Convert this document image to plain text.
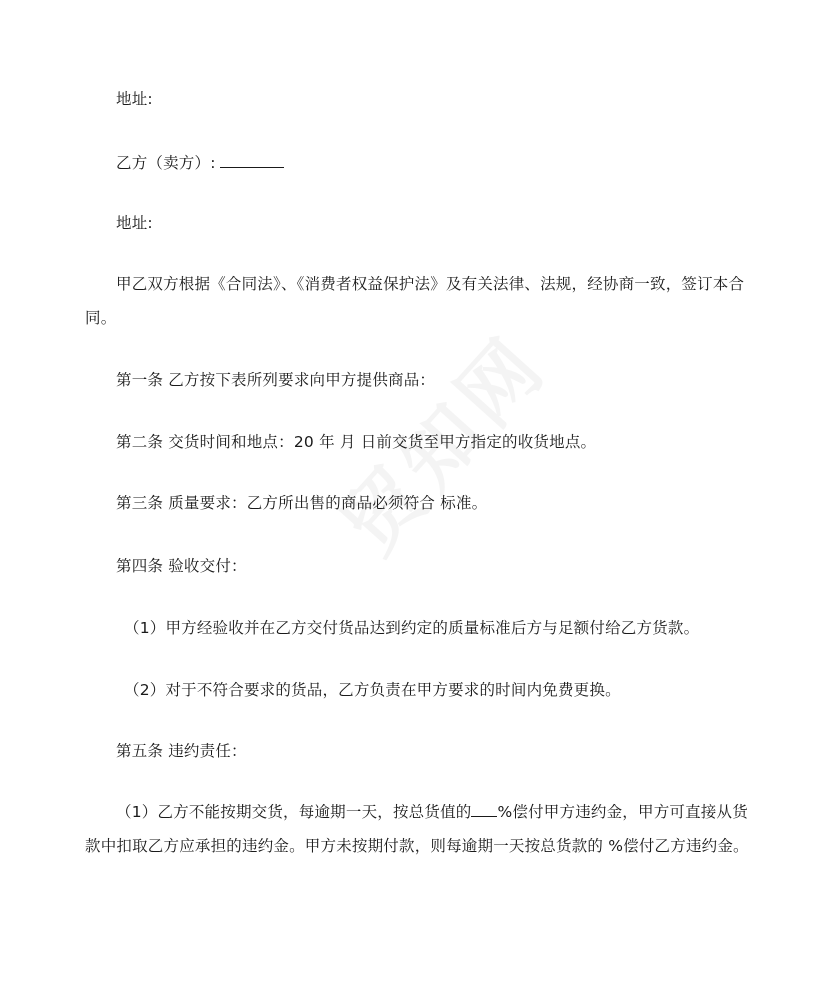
地址:
乙方（卖方）:
地址:
甲乙双方根据《合同法》、《消费者权益保护法》及有关法律、法规，经协商一致，签订本合同。
第一条 乙方按下表所列要求向甲方提供商品：
第二条 交货时间和地点：20 年 月 日前交货至甲方指定的收货地点。
第三条 质量要求：乙方所出售的商品必须符合 标准。
第四条 验收交付：
（1）甲方经验收并在乙方交付货品达到约定的质量标准后方与足额付给乙方货款。
（2）对于不符合要求的货品，乙方负责在甲方要求的时间内免费更换。
第五条 违约责任：
（1）乙方不能按期交货，每逾期一天，按总货值的 %偿付甲方违约金，甲方可直接从货款中扣取乙方应承担的违约金。甲方未按期付款，则每逾期一天按总货款的 %偿付乙方违约金。
